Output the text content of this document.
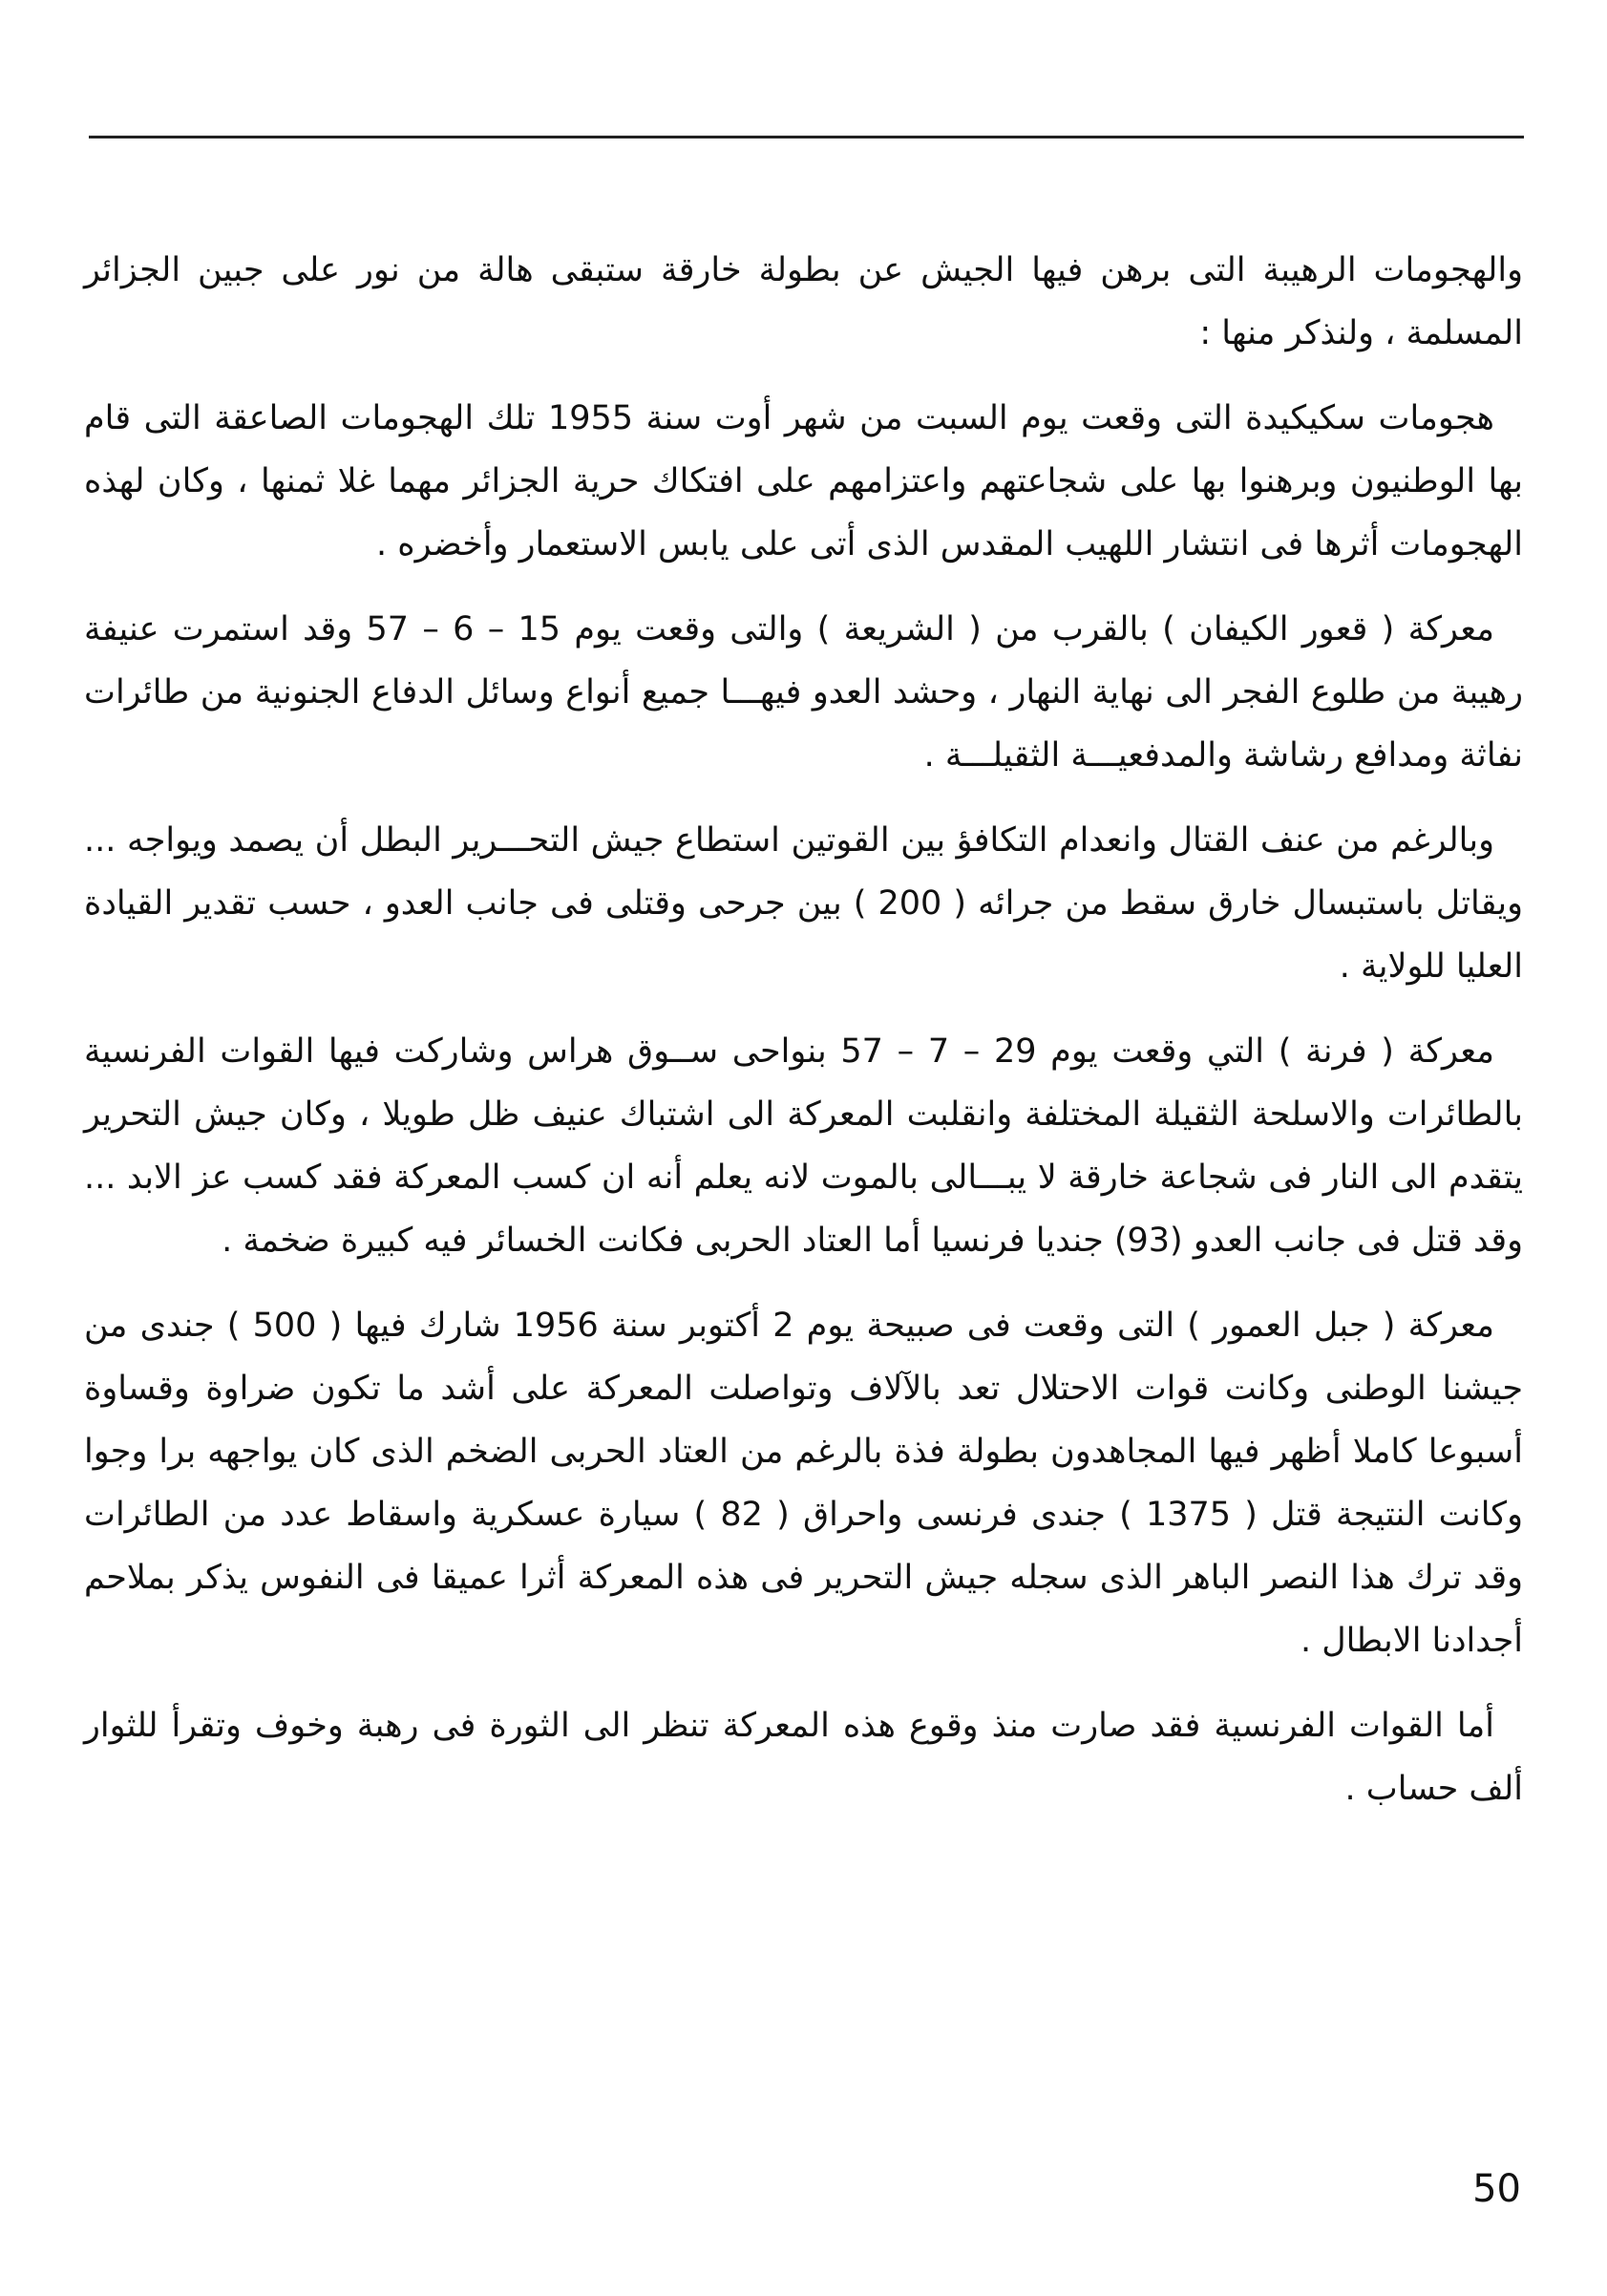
والهجومات الرهيبة التى برهن فيها الجيش عن بطولة خارقة ستبقى هالة من نور على جبين الجزائر المسلمة ، ولنذكر منها :

هجومات سكيكيدة التى وقعت يوم السبت من شهر أوت سنة 1955 تلك الهجومات الصاعقة التى قام بها الوطنيون وبرهنوا بها على شجاعتهم واعتزامهم على افتكاك حرية الجزائر مهما غلا ثمنها ، وكان لهذه الهجومات أثرها فى انتشار اللهيب المقدس الذى أتى على يابس الاستعمار وأخضره .

معركة ( قعور الكيفان ) بالقرب من ( الشريعة ) والتى وقعت يوم 15 – 6 – 57 وقد استمرت عنيفة رهيبة من طلوع الفجر الى نهاية النهار ، وحشد العدو فيهـــا جميع أنواع وسائل الدفاع الجنونية من طائرات نفاثة ومدافع رشاشة والمدفعيـــة الثقيلـــة .

وبالرغم من عنف القتال وانعدام التكافؤ بين القوتين استطاع جيش التحـــرير البطل أن يصمد ويواجه ... ويقاتل باستبسال خارق سقط من جرائه ( 200 ) بين جرحى وقتلى فى جانب العدو ، حسب تقدير القيادة العليا للولاية .

معركة ( فرنة ) التي وقعت يوم 29 – 7 – 57 بنواحى ســوق هراس وشاركت فيها القوات الفرنسية بالطائرات والاسلحة الثقيلة المختلفة وانقلبت المعركة الى اشتباك عنيف ظل طويلا ، وكان جيش التحرير يتقدم الى النار فى شجاعة خارقة لا يبـــالى بالموت لانه يعلم أنه ان كسب المعركة فقد كسب عز الابد ... وقد قتل فى جانب العدو (93) جنديا فرنسيا أما العتاد الحربى فكانت الخسائر فيه كبيرة ضخمة .

معركة ( جبل العمور ) التى وقعت فى صبيحة يوم 2 أكتوبر سنة 1956 شارك فيها ( 500 ) جندى من جيشنا الوطنى وكانت قوات الاحتلال تعد بالآلاف وتواصلت المعركة على أشد ما تكون ضراوة وقساوة أسبوعا كاملا أظهر فيها المجاهدون بطولة فذة بالرغم من العتاد الحربى الضخم الذى كان يواجهه برا وجوا وكانت النتيجة قتل ( 1375 ) جندى فرنسى واحراق ( 82 ) سيارة عسكرية واسقاط عدد من الطائرات وقد ترك هذا النصر الباهر الذى سجله جيش التحرير فى هذه المعركة أثرا عميقا فى النفوس يذكر بملاحم أجدادنا الابطال .

أما القوات الفرنسية فقد صارت منذ وقوع هذه المعركة تنظر الى الثورة فى رهبة وخوف وتقرأ للثوار ألف حساب .

50
